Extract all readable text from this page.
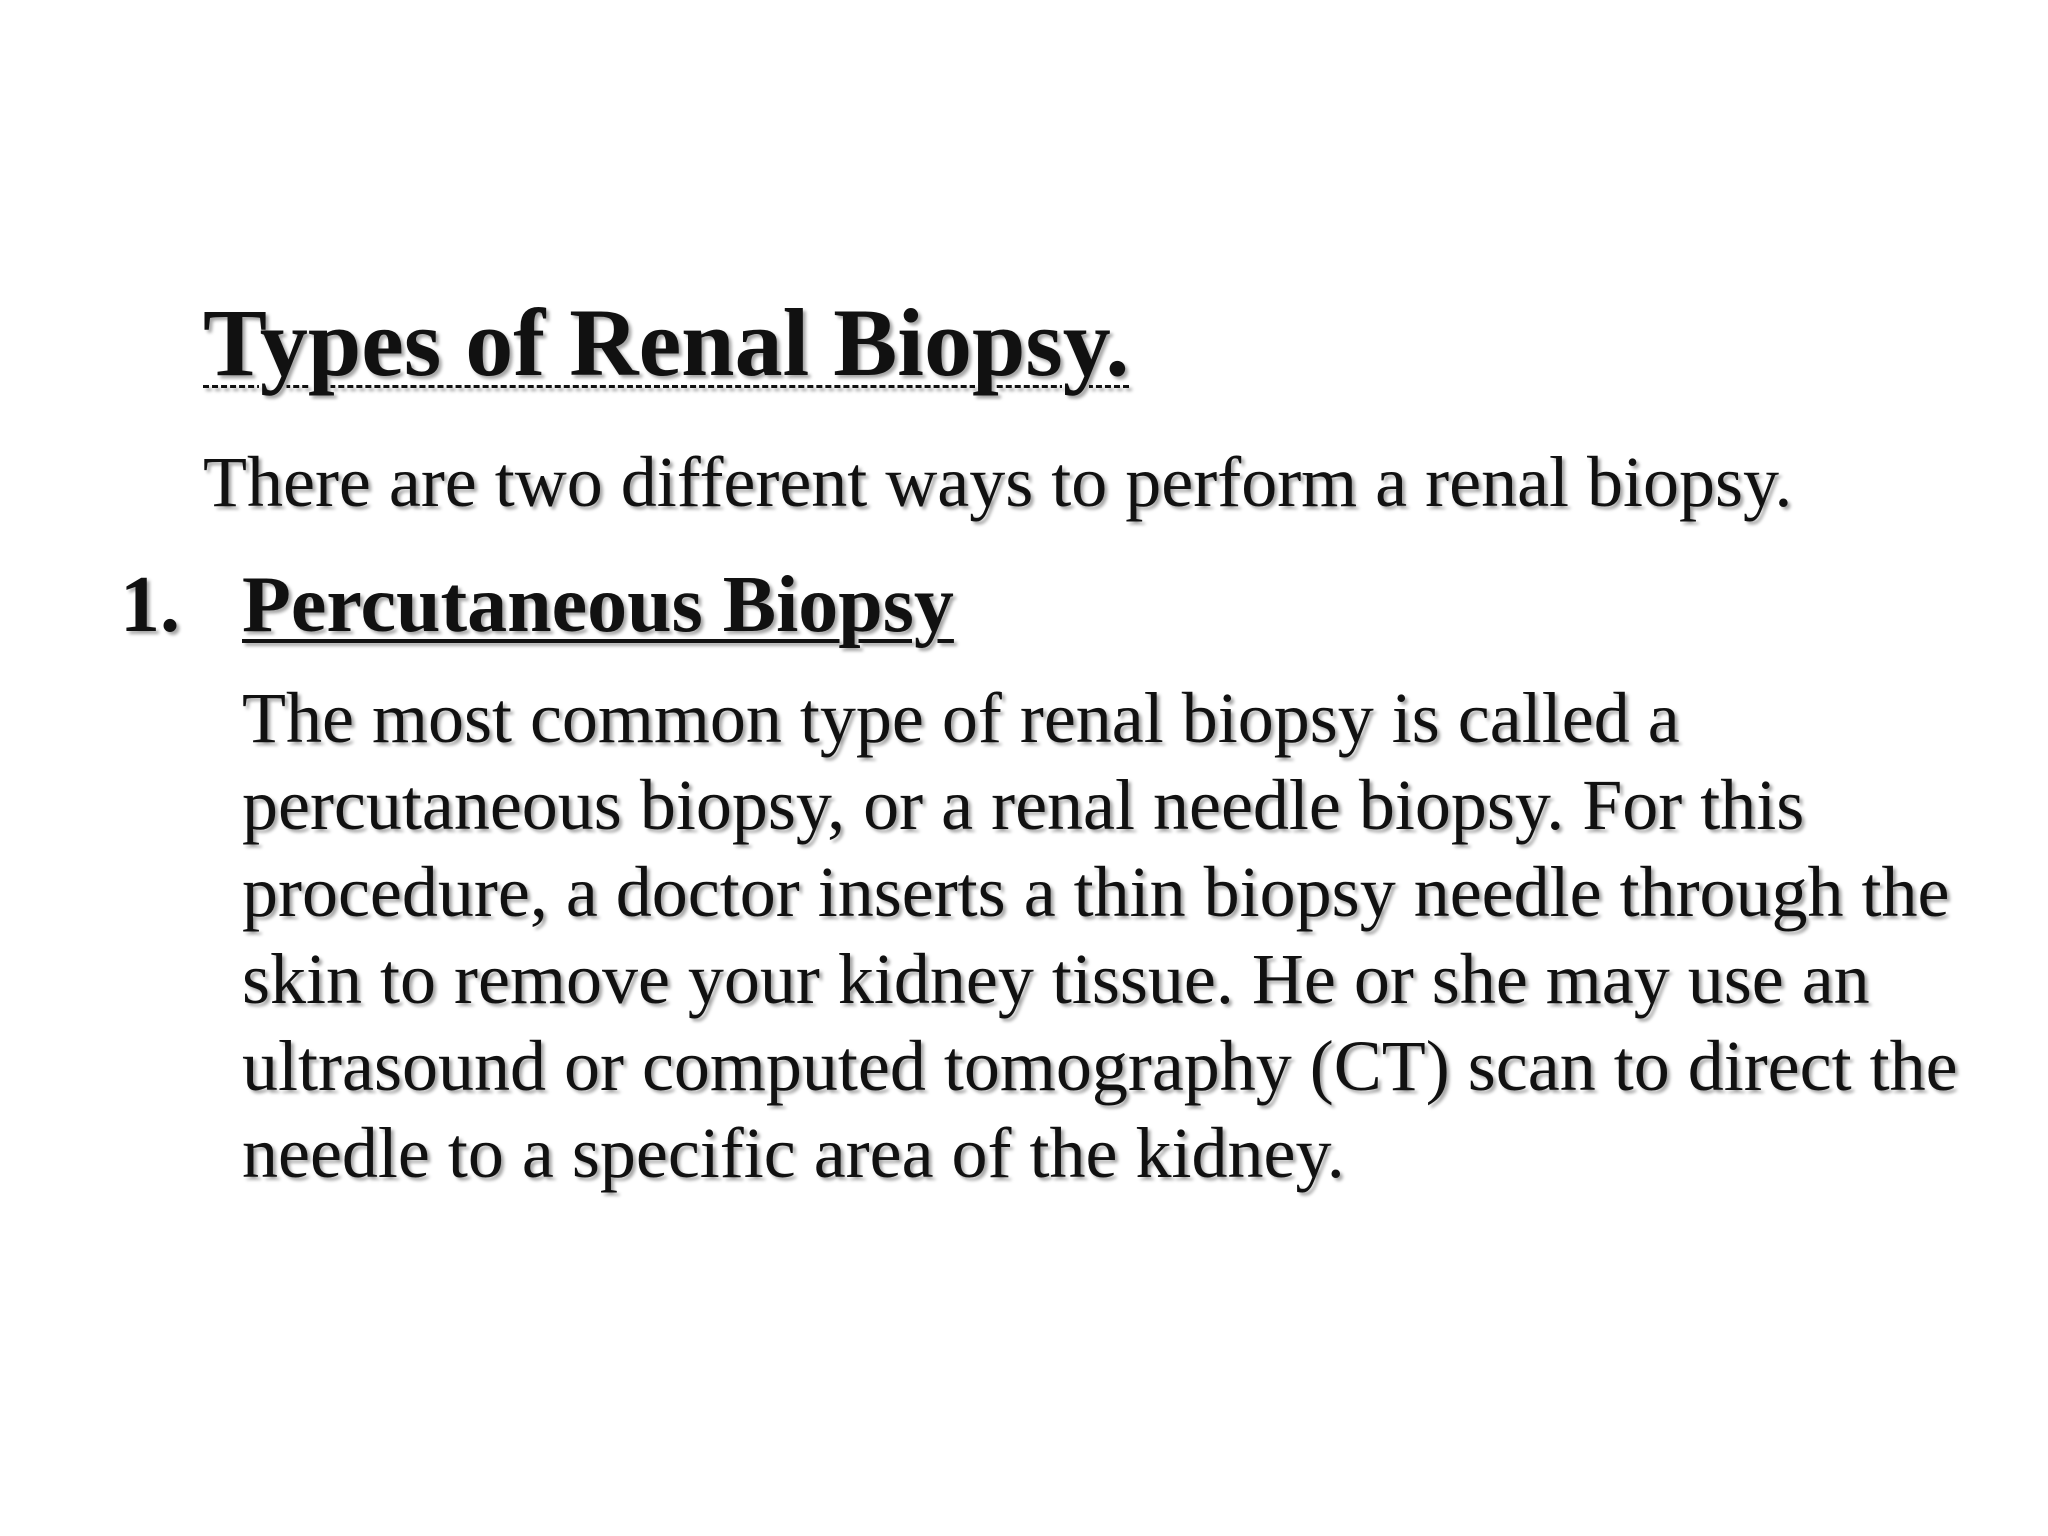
Types of Renal Biopsy.
There are two different ways to perform a renal biopsy.
1. Percutaneous Biopsy

The most common type of renal biopsy is called a percutaneous biopsy, or a renal needle biopsy. For this procedure, a doctor inserts a thin biopsy needle through the skin to remove your kidney tissue. He or she may use an ultrasound or computed tomography (CT) scan to direct the needle to a specific area of the kidney.
